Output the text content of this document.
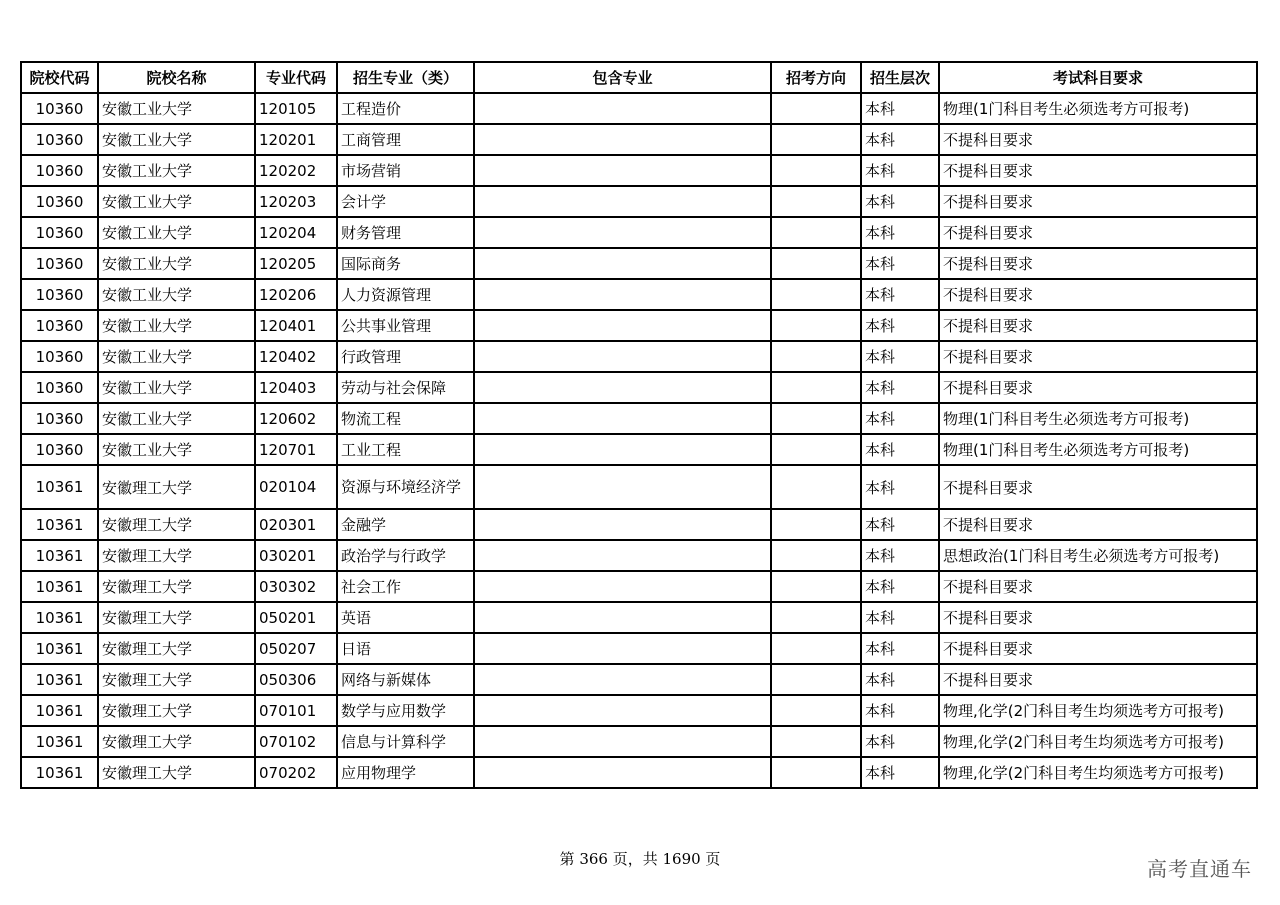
院校代码	院校名称	专业代码	招生专业（类）	包含专业	招考方向	招生层次	考试科目要求
10360	安徽工业大学	120105	工程造价			本科	物理(1门科目考生必须选考方可报考)
10360	安徽工业大学	120201	工商管理			本科	不提科目要求
10360	安徽工业大学	120202	市场营销			本科	不提科目要求
10360	安徽工业大学	120203	会计学			本科	不提科目要求
10360	安徽工业大学	120204	财务管理			本科	不提科目要求
10360	安徽工业大学	120205	国际商务			本科	不提科目要求
10360	安徽工业大学	120206	人力资源管理			本科	不提科目要求
10360	安徽工业大学	120401	公共事业管理			本科	不提科目要求
10360	安徽工业大学	120402	行政管理			本科	不提科目要求
10360	安徽工业大学	120403	劳动与社会保障			本科	不提科目要求
10360	安徽工业大学	120602	物流工程			本科	物理(1门科目考生必须选考方可报考)
10360	安徽工业大学	120701	工业工程			本科	物理(1门科目考生必须选考方可报考)
10361	安徽理工大学	020104	资源与环境经济学			本科	不提科目要求
10361	安徽理工大学	020301	金融学			本科	不提科目要求
10361	安徽理工大学	030201	政治学与行政学			本科	思想政治(1门科目考生必须选考方可报考)
10361	安徽理工大学	030302	社会工作			本科	不提科目要求
10361	安徽理工大学	050201	英语			本科	不提科目要求
10361	安徽理工大学	050207	日语			本科	不提科目要求
10361	安徽理工大学	050306	网络与新媒体			本科	不提科目要求
10361	安徽理工大学	070101	数学与应用数学			本科	物理,化学(2门科目考生均须选考方可报考)
10361	安徽理工大学	070102	信息与计算科学			本科	物理,化学(2门科目考生均须选考方可报考)
10361	安徽理工大学	070202	应用物理学			本科	物理,化学(2门科目考生均须选考方可报考)
第 366 页，共 1690 页	高考直通车
